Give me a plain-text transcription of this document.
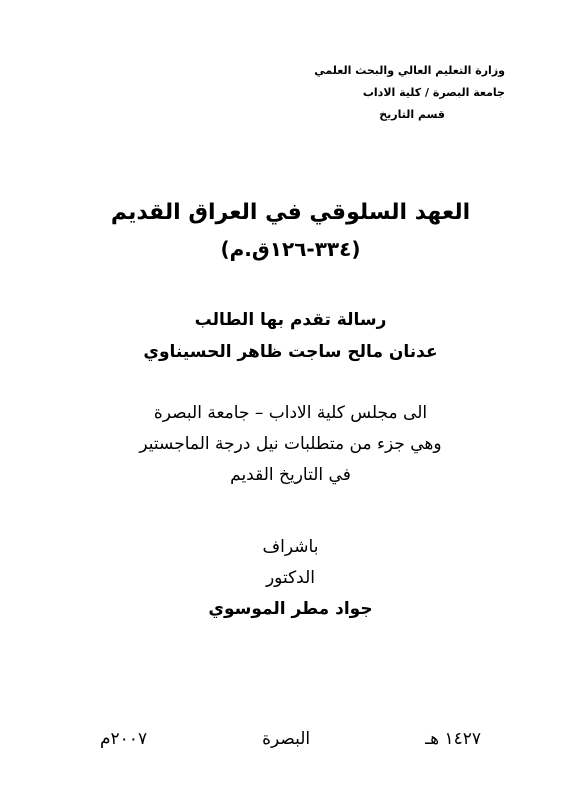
وزارة التعليم العالي والبحث العلمي

جامعة البصرة / كلية الاداب

قسم التاريخ

العهد السلوقي في العراق القديم

(٣٣٤-١٢٦ق.م)

رسالة تقدم بها الطالب

عدنان مالح ساجت ظاهر الحسيناوي

الى مجلس كلية الاداب – جامعة البصرة

وهي جزء من متطلبات نيل درجة الماجستير

في التاريخ القديم

باشراف

الدكتور

جواد مطر الموسوي

١٤٢٧ هـ
البصرة
٢٠٠٧م
